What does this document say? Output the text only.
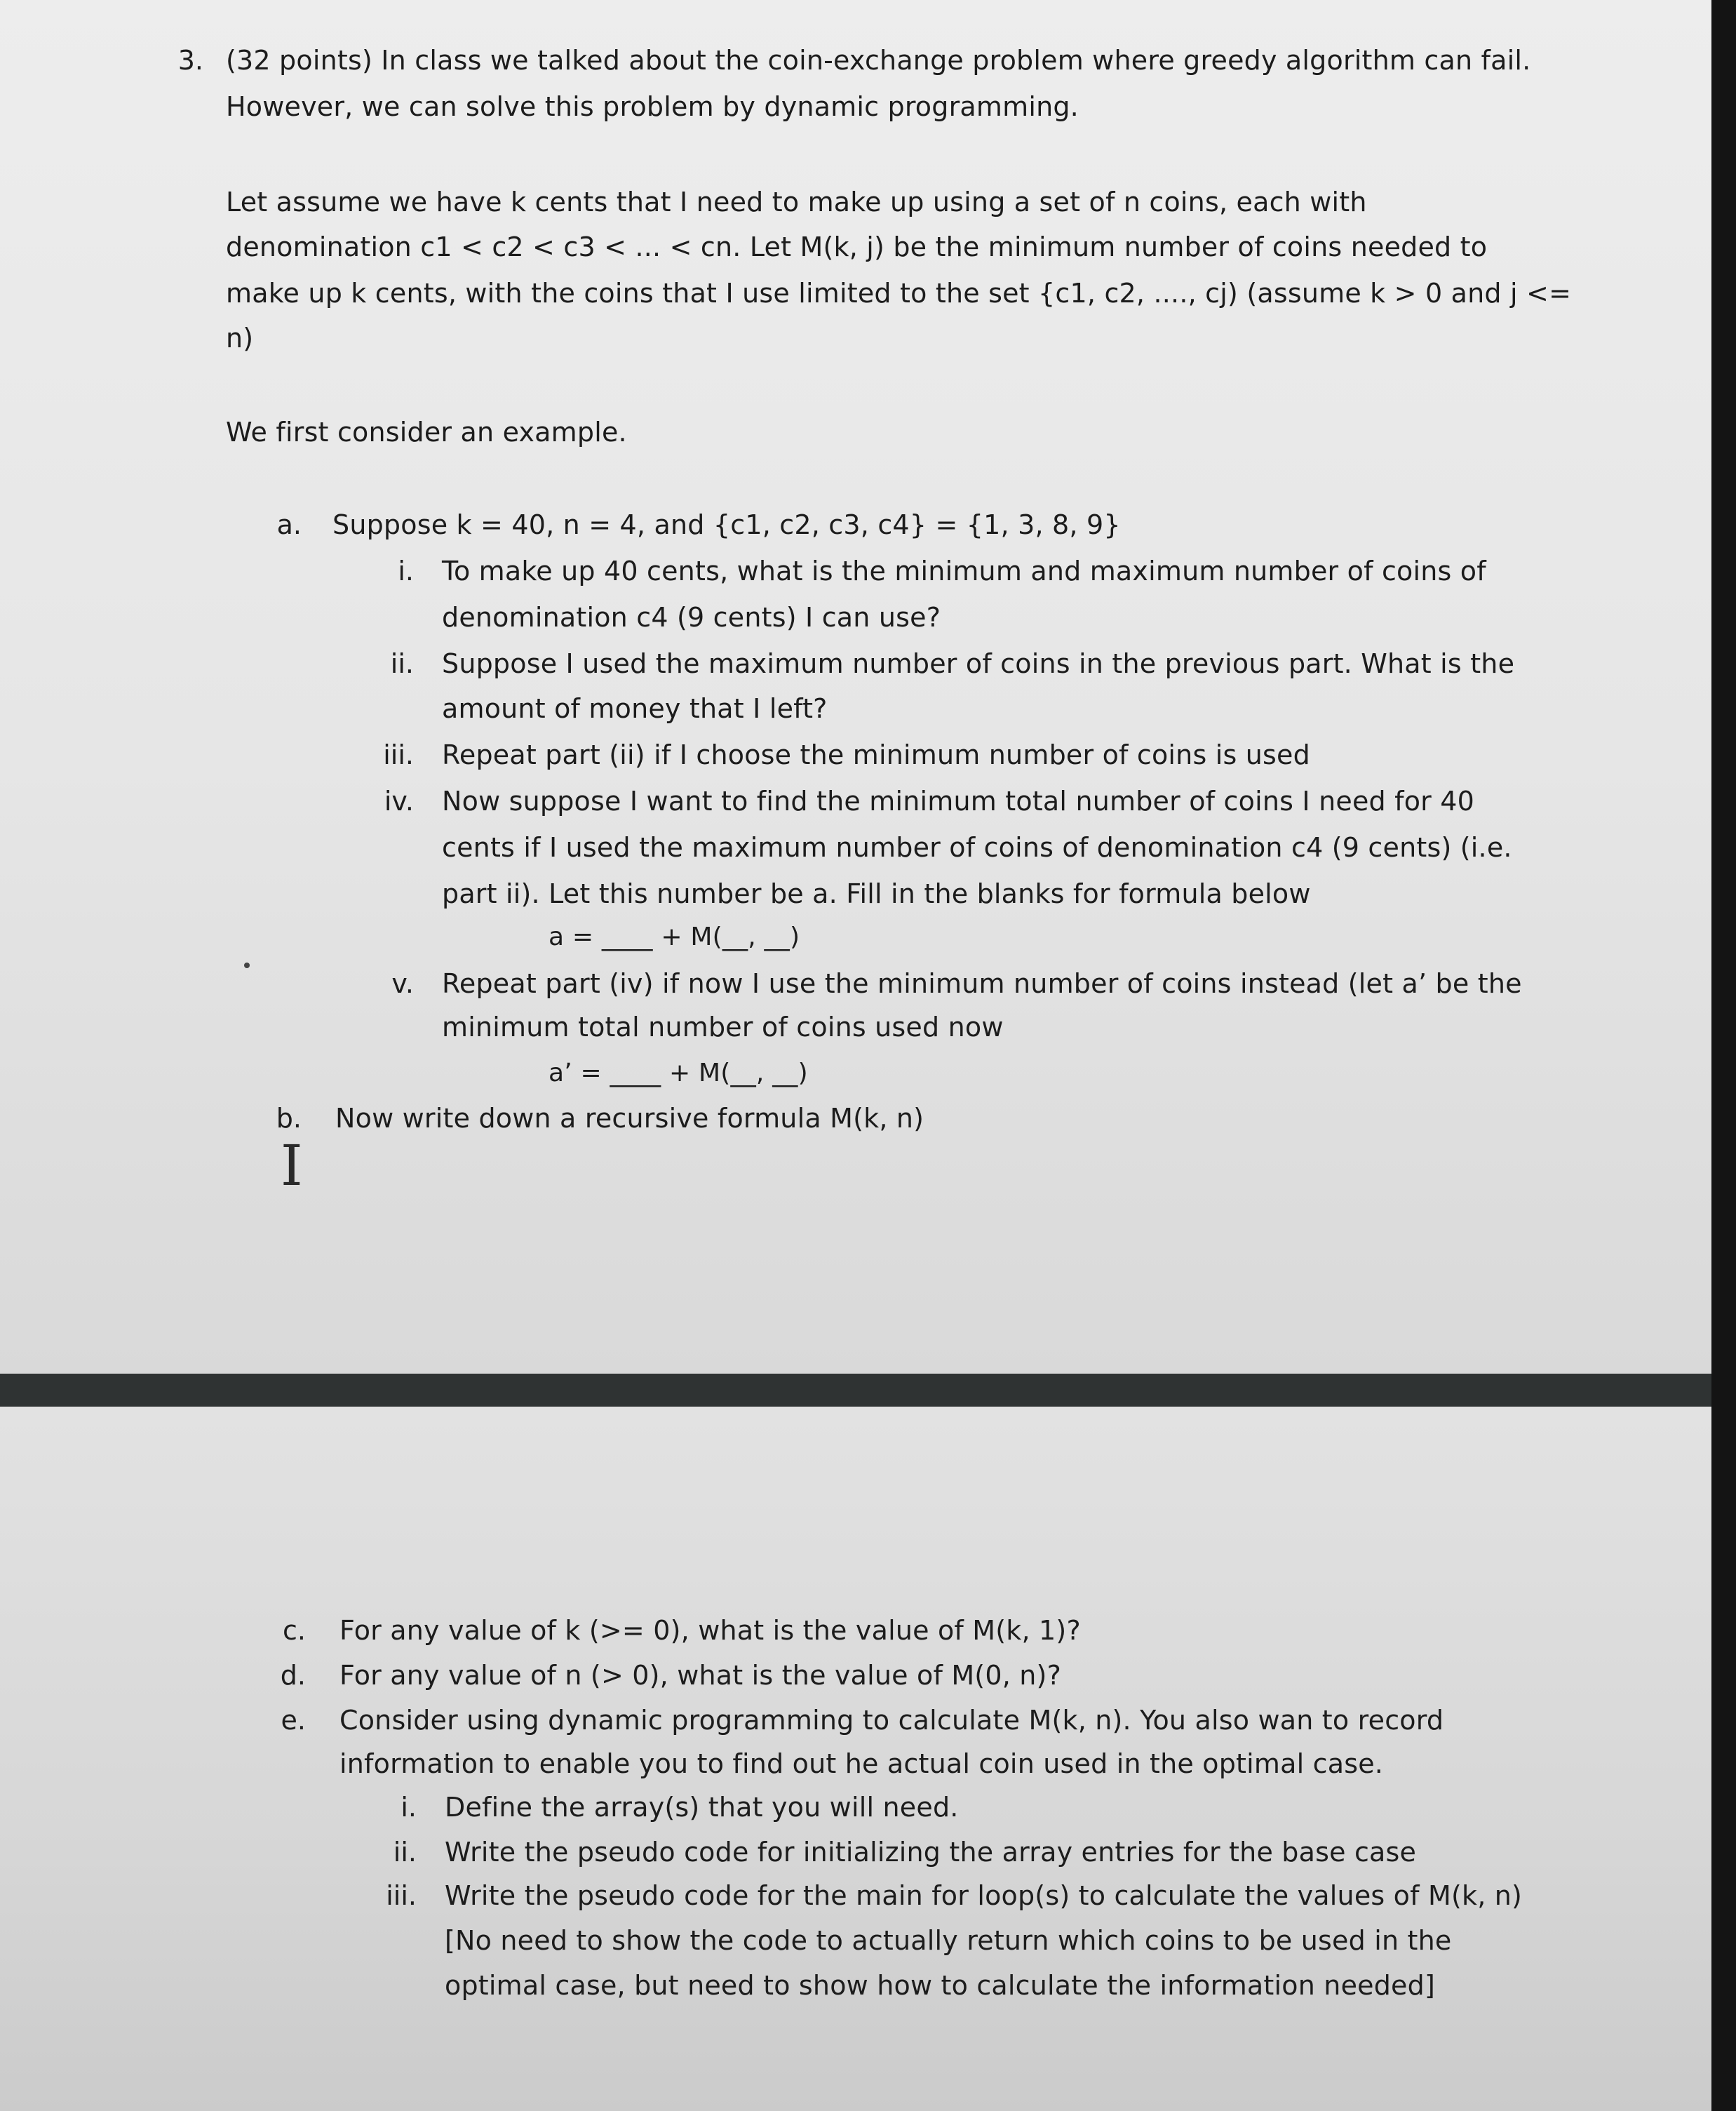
3. (32 points) In class we talked about the coin-exchange problem where greedy algorithm can fail.
However, we can solve this problem by dynamic programming.
Let assume we have k cents that I need to make up using a set of n coins, each with
denomination c1 < c2 < c3 < ... < cn. Let M(k, j) be the minimum number of coins needed to
make up k cents, with the coins that I use limited to the set {c1, c2, ...., cj) (assume k > 0 and j <=
n)
We first consider an example.
a. Suppose k = 40, n = 4, and {c1, c2, c3, c4} = {1, 3, 8, 9}
i. To make up 40 cents, what is the minimum and maximum number of coins of
denomination c4 (9 cents) I can use?
ii. Suppose I used the maximum number of coins in the previous part. What is the
amount of money that I left?
iii. Repeat part (ii) if I choose the minimum number of coins is used
iv. Now suppose I want to find the minimum total number of coins I need for 40
cents if I used the maximum number of coins of denomination c4 (9 cents) (i.e.
part ii). Let this number be a. Fill in the blanks for formula below
a = ____ + M(__, __)
v. Repeat part (iv) if now I use the minimum number of coins instead (let a’ be the
minimum total number of coins used now
a’ = ____ + M(__, __)
b. Now write down a recursive formula M(k, n)
I
c. For any value of k (>= 0), what is the value of M(k, 1)?
d. For any value of n (> 0), what is the value of M(0, n)?
e. Consider using dynamic programming to calculate M(k, n). You also wan to record
information to enable you to find out he actual coin used in the optimal case.
i. Define the array(s) that you will need.
ii. Write the pseudo code for initializing the array entries for the base case
iii. Write the pseudo code for the main for loop(s) to calculate the values of M(k, n)
[No need to show the code to actually return which coins to be used in the
optimal case, but need to show how to calculate the information needed]
